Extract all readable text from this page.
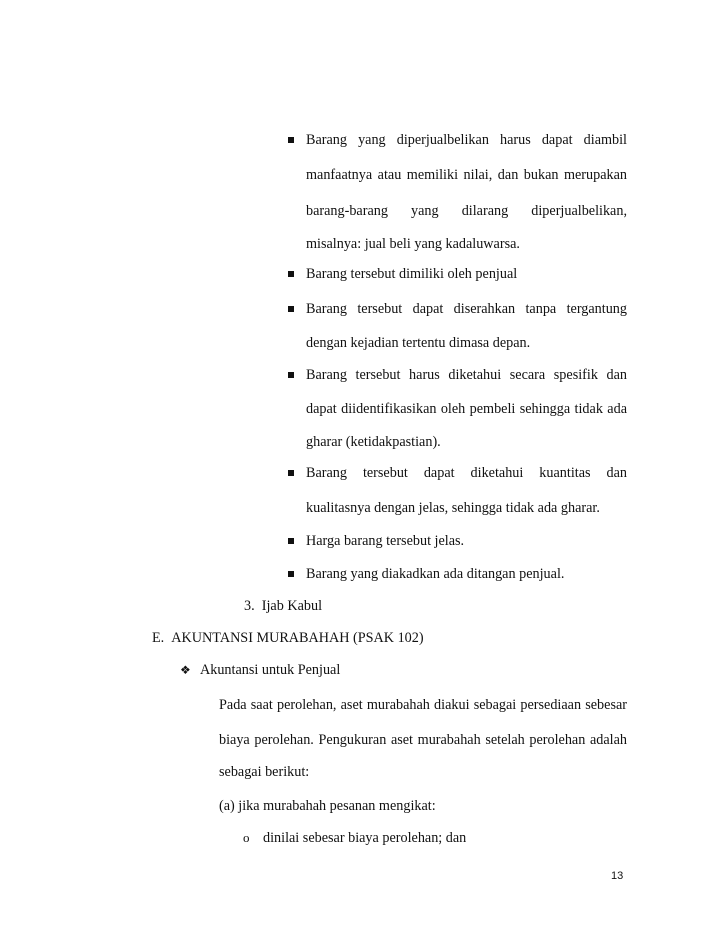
Barang yang diperjualbelikan harus dapat diambil
manfaatnya atau memiliki nilai, dan bukan merupakan
barang-barang yang dilarang diperjualbelikan,
misalnya: jual beli yang kadaluwarsa.
Barang tersebut dimiliki oleh penjual
Barang tersebut dapat diserahkan tanpa tergantung
dengan kejadian tertentu dimasa depan.
Barang tersebut harus diketahui secara spesifik dan
dapat diidentifikasikan oleh pembeli sehingga tidak ada
gharar (ketidakpastian).
Barang tersebut dapat diketahui kuantitas dan
kualitasnya dengan jelas, sehingga tidak ada gharar.
Harga barang tersebut jelas.
Barang yang diakadkan ada ditangan penjual.
3.  Ijab Kabul
E.  AKUNTANSI MURABAHAH (PSAK 102)
❖ Akuntansi untuk Penjual
Pada saat perolehan, aset murabahah diakui sebagai persediaan sebesar
biaya perolehan. Pengukuran aset murabahah setelah perolehan adalah
sebagai berikut:
(a) jika murabahah pesanan mengikat:
o dinilai sebesar biaya perolehan; dan
13
